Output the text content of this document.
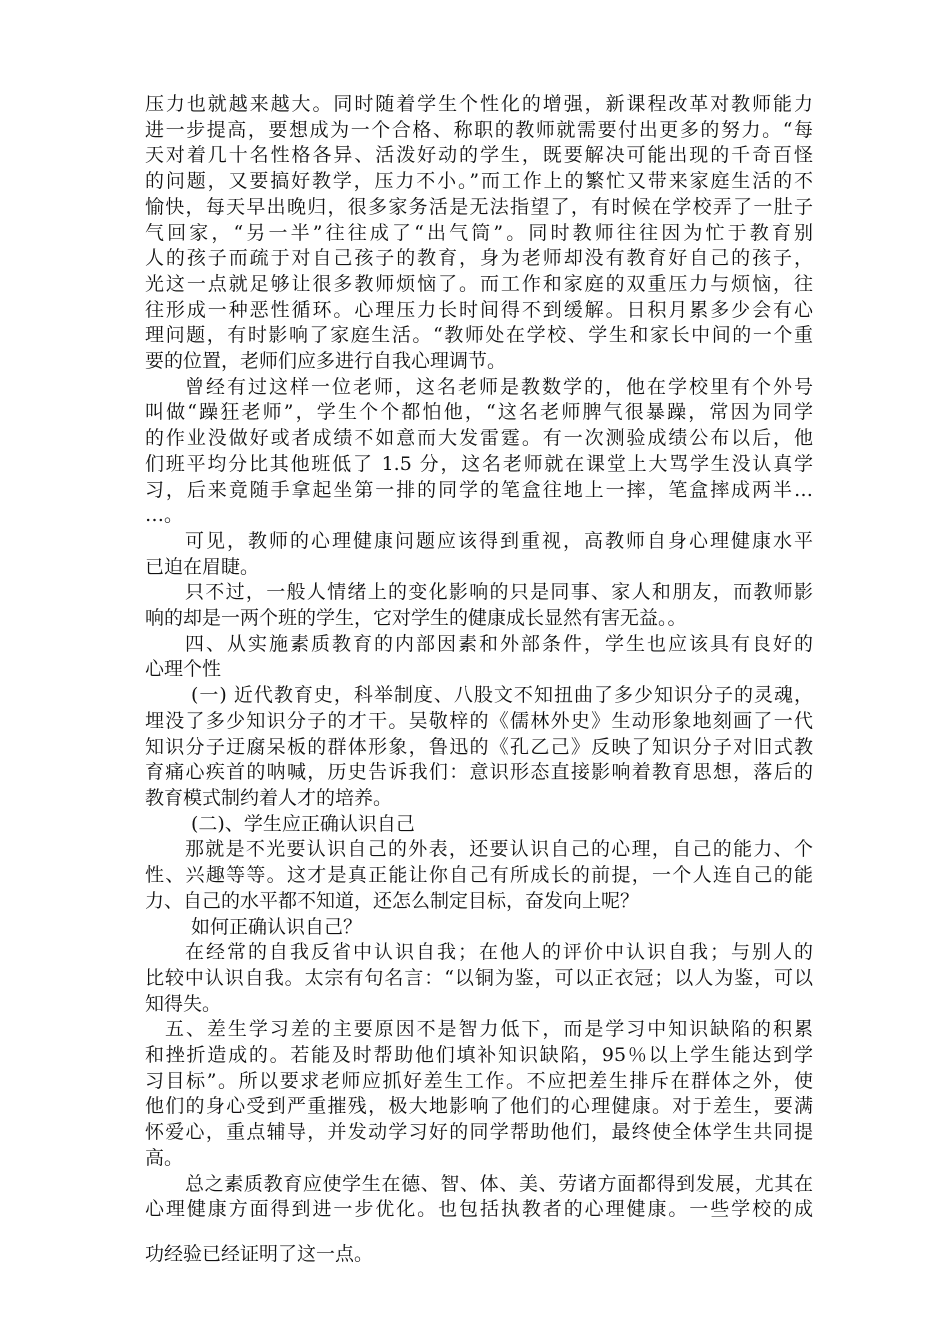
压力也就越来越大。同时随着学生个性化的增强，新课程改革对教师能力
进一步提高，要想成为一个合格、称职的教师就需要付出更多的努力。“每
天对着几十名性格各异、活泼好动的学生，既要解决可能出现的千奇百怪
的问题，又要搞好教学，压力不小。”而工作上的繁忙又带来家庭生活的不
愉快，每天早出晚归，很多家务活是无法指望了，有时候在学校弄了一肚子
气回家，“另一半”往往成了“出气筒”。同时教师往往因为忙于教育别
人的孩子而疏于对自己孩子的教育，身为老师却没有教育好自己的孩子，
光这一点就足够让很多教师烦恼了。而工作和家庭的双重压力与烦恼，往
往形成一种恶性循环。心理压力长时间得不到缓解。日积月累多少会有心
理问题，有时影响了家庭生活。“教师处在学校、学生和家长中间的一个重
要的位置，老师们应多进行自我心理调节。
曾经有过这样一位老师，这名老师是教数学的，他在学校里有个外号
叫做“躁狂老师”，学生个个都怕他，“这名老师脾气很暴躁，常因为同学
的作业没做好或者成绩不如意而大发雷霆。有一次测验成绩公布以后，他
们班平均分比其他班低了 1.5 分，这名老师就在课堂上大骂学生没认真学
习，后来竟随手拿起坐第一排的同学的笔盒往地上一摔，笔盒摔成两半…
…。
可见，教师的心理健康问题应该得到重视，高教师自身心理健康水平
已迫在眉睫。
只不过，一般人情绪上的变化影响的只是同事、家人和朋友，而教师影
响的却是一两个班的学生，它对学生的健康成长显然有害无益。。
四、从实施素质教育的内部因素和外部条件，学生也应该具有良好的
心理个性
(一) 近代教育史，科举制度、八股文不知扭曲了多少知识分子的灵魂，
埋没了多少知识分子的才干。吴敬梓的《儒林外史》生动形象地刻画了一代
知识分子迂腐呆板的群体形象，鲁迅的《孔乙己》反映了知识分子对旧式教
育痛心疾首的呐喊，历史告诉我们：意识形态直接影响着教育思想，落后的
教育模式制约着人才的培养。
(二)、学生应正确认识自己
那就是不光要认识自己的外表，还要认识自己的心理，自己的能力、个
性、兴趣等等。这才是真正能让你自己有所成长的前提，一个人连自己的能
力、自己的水平都不知道，还怎么制定目标，奋发向上呢？
如何正确认识自己？
在经常的自我反省中认识自我；在他人的评价中认识自我；与别人的
比较中认识自我。太宗有句名言：“以铜为鉴，可以正衣冠；以人为鉴，可以
知得失。
五、差生学习差的主要原因不是智力低下，而是学习中知识缺陷的积累
和挫折造成的。若能及时帮助他们填补知识缺陷，95％以上学生能达到学
习目标”。所以要求老师应抓好差生工作。不应把差生排斥在群体之外，使
他们的身心受到严重摧残，极大地影响了他们的心理健康。对于差生，要满
怀爱心，重点辅导，并发动学习好的同学帮助他们，最终使全体学生共同提
高。
总之素质教育应使学生在德、智、体、美、劳诸方面都得到发展，尤其在
心理健康方面得到进一步优化。也包括执教者的心理健康。一些学校的成
功经验已经证明了这一点。
